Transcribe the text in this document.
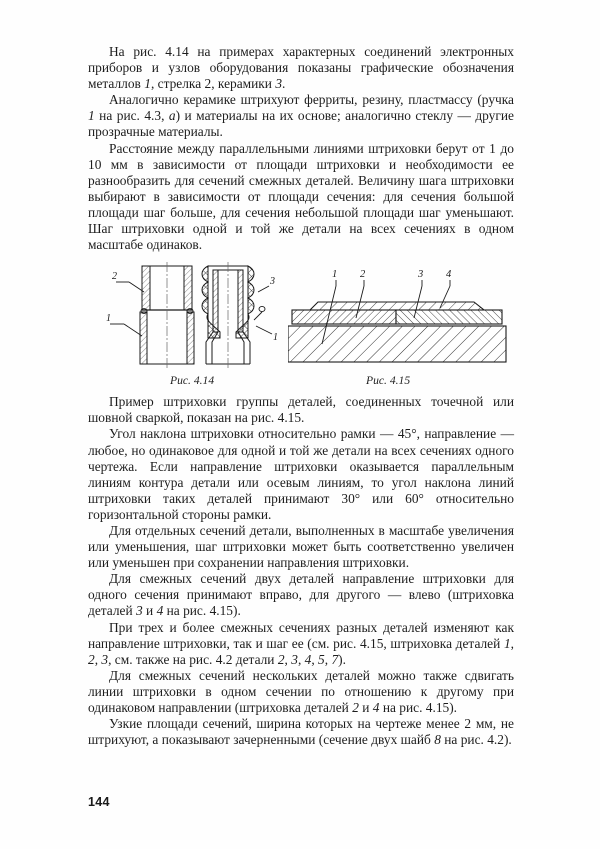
На рис. 4.14 на примерах характерных соединений электронных приборов и узлов оборудования показаны графические обозначения металлов 1, стрелка 2, керамики 3.

Аналогично керамике штрихуют ферриты, резину, пластмассу (ручка 1 на рис. 4.3, а) и материалы на их основе; аналогично стеклу — другие прозрачные материалы.

Расстояние между параллельными линиями штриховки берут от 1 до 10 мм в зависимости от площади штриховки и необходимости ее разнообразить для сечений смежных деталей. Величину шага штриховки выбирают в зависимости от площади сечения: для сечения большой площади шаг больше, для сечения небольшой площади шаг уменьшают. Шаг штриховки одной и той же детали на всех сечениях в одном масштабе одинаков.

2
1
3
1
1 2	3 4
Рис. 4.14	Рис. 4.15

Пример штриховки группы деталей, соединенных точечной или шовной сваркой, показан на рис. 4.15.

Угол наклона штриховки относительно рамки — 45°, направление — любое, но одинаковое для одной и той же детали на всех сечениях одного чертежа. Если направление штриховки оказывается параллельным линиям контура детали или осевым линиям, то угол наклона линий штриховки таких деталей принимают 30° или 60° относительно горизонтальной стороны рамки.

Для отдельных сечений детали, выполненных в масштабе увеличения или уменьшения, шаг штриховки может быть соответственно увеличен или уменьшен при сохранении направления штриховки.

Для смежных сечений двух деталей направление штриховки для одного сечения принимают вправо, для другого — влево (штриховка деталей 3 и 4 на рис. 4.15).

При трех и более смежных сечениях разных деталей изменяют как направление штриховки, так и шаг ее (см. рис. 4.15, штриховка деталей 1, 2, 3, см. также на рис. 4.2 детали 2, 3, 4, 5, 7).

Для смежных сечений нескольких деталей можно также сдвигать линии штриховки в одном сечении по отношению к другому при одинаковом направлении (штриховка деталей 2 и 4 на рис. 4.15).

Узкие площади сечений, ширина которых на чертеже менее 2 мм, не штрихуют, а показывают зачерненными (сечение двух шайб 8 на рис. 4.2).

144
